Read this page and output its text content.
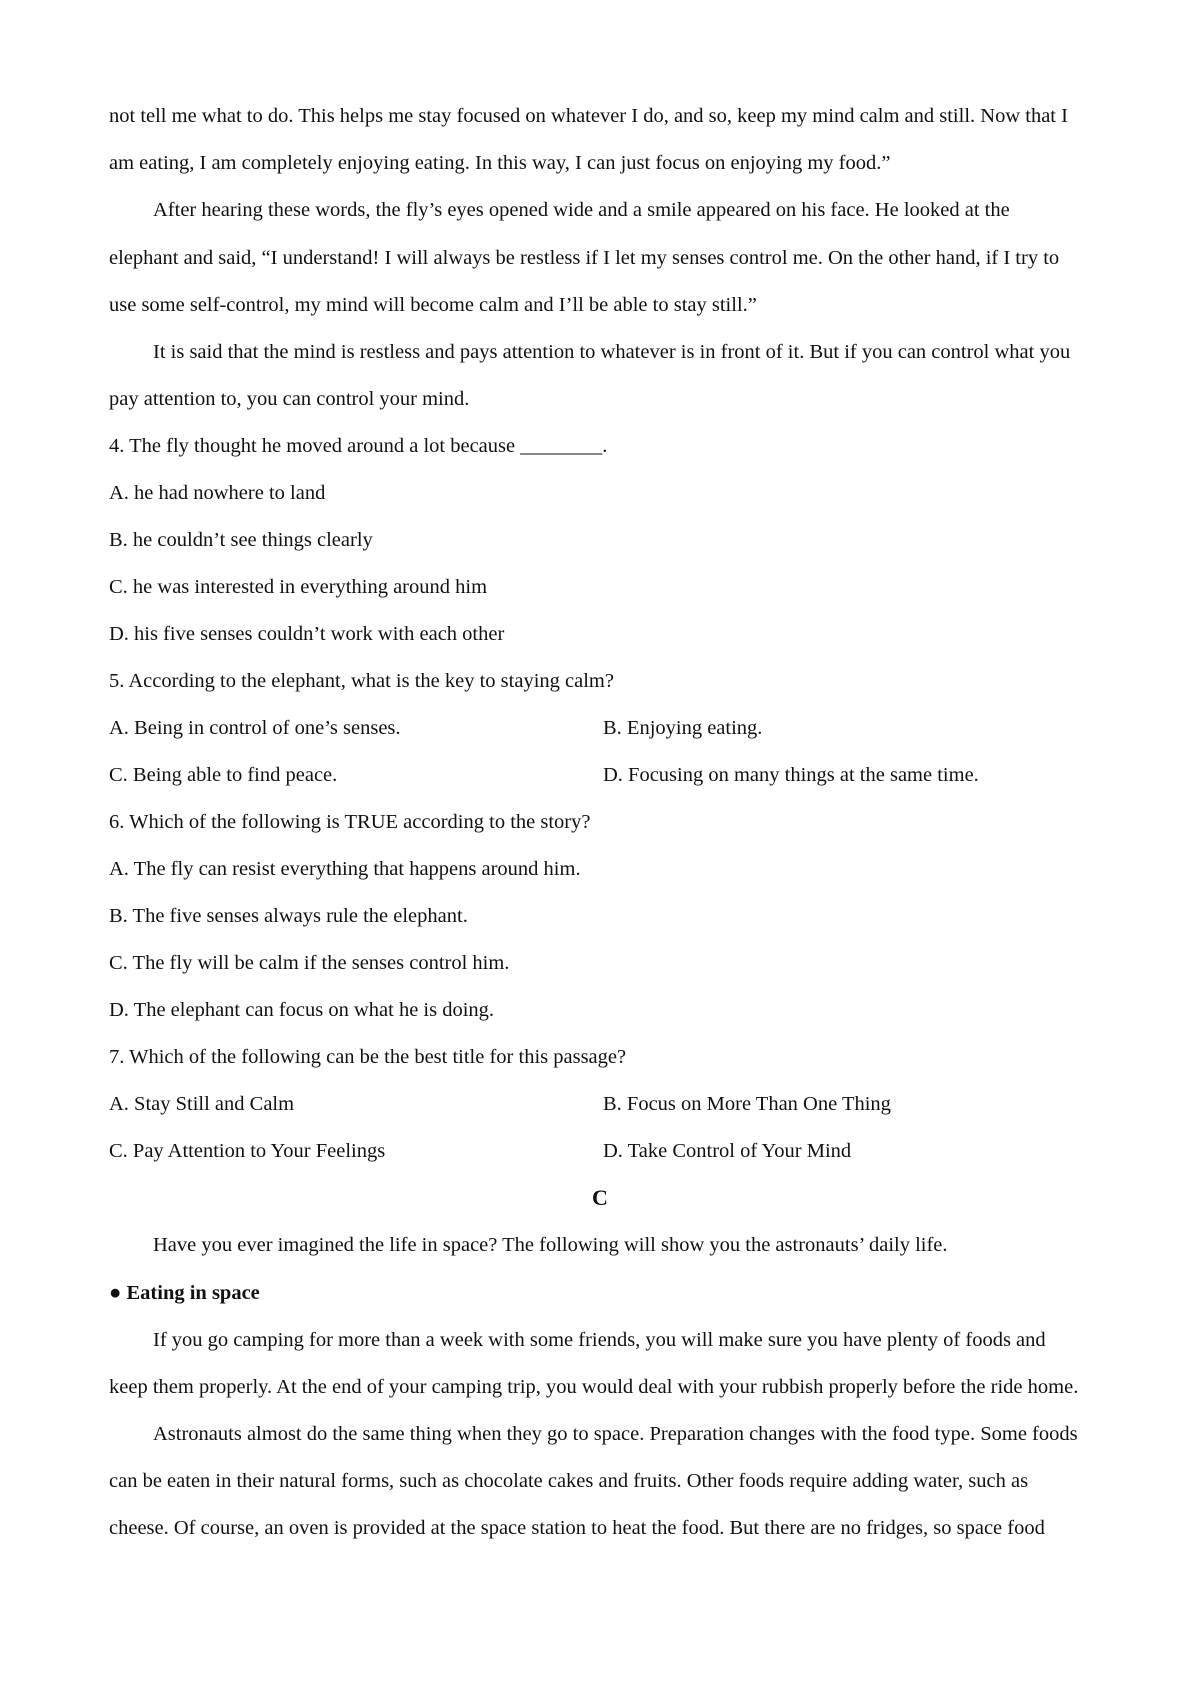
not tell me what to do. This helps me stay focused on whatever I do, and so, keep my mind calm and still. Now that I
am eating, I am completely enjoying eating. In this way, I can just focus on enjoying my food.”
After hearing these words, the fly’s eyes opened wide and a smile appeared on his face. He looked at the
elephant and said, “I understand! I will always be restless if I let my senses control me. On the other hand, if I try to
use some self-control, my mind will become calm and I’ll be able to stay still.”
It is said that the mind is restless and pays attention to whatever is in front of it. But if you can control what you
pay attention to, you can control your mind.
4. The fly thought he moved around a lot because ________.
A. he had nowhere to land
B. he couldn’t see things clearly
C. he was interested in everything around him
D. his five senses couldn’t work with each other
5. According to the elephant, what is the key to staying calm?
A. Being in control of one’s senses.	B. Enjoying eating.
C. Being able to find peace.	D. Focusing on many things at the same time.
6. Which of the following is TRUE according to the story?
A. The fly can resist everything that happens around him.
B. The five senses always rule the elephant.
C. The fly will be calm if the senses control him.
D. The elephant can focus on what he is doing.
7. Which of the following can be the best title for this passage?
A. Stay Still and Calm	B. Focus on More Than One Thing
C. Pay Attention to Your Feelings	D. Take Control of Your Mind
C
Have you ever imagined the life in space? The following will show you the astronauts’ daily life.
● Eating in space
If you go camping for more than a week with some friends, you will make sure you have plenty of foods and
keep them properly. At the end of your camping trip, you would deal with your rubbish properly before the ride home.
Astronauts almost do the same thing when they go to space. Preparation changes with the food type. Some foods
can be eaten in their natural forms, such as chocolate cakes and fruits. Other foods require adding water, such as
cheese. Of course, an oven is provided at the space station to heat the food. But there are no fridges, so space food
